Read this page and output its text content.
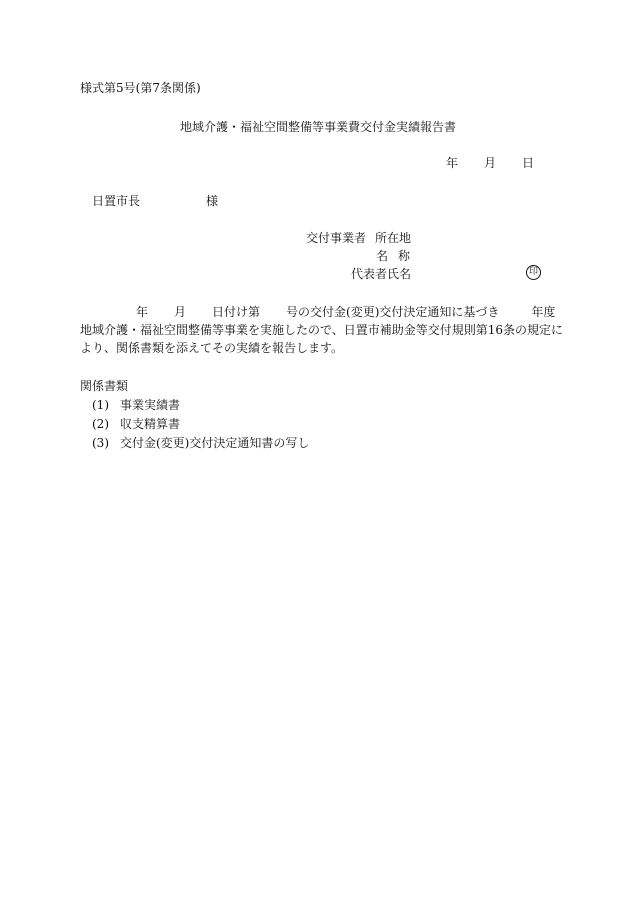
様式第5号(第7条関係)
地域介護・福祉空間整備等事業費交付金実績報告書
年 月 日
日置市長	様
交付事業者 所在地
名称
代表者氏名	印
年 月 日付け第 号の交付金(変更)交付決定通知に基づき	年度
地域介護・福祉空間整備等事業を実施したので、日置市補助金等交付規則第16条の規定に
より、関係書類を添えてその実績を報告します。
関係書類
(1) 事業実績書
(2) 収支精算書
(3) 交付金(変更)交付決定通知書の写し
